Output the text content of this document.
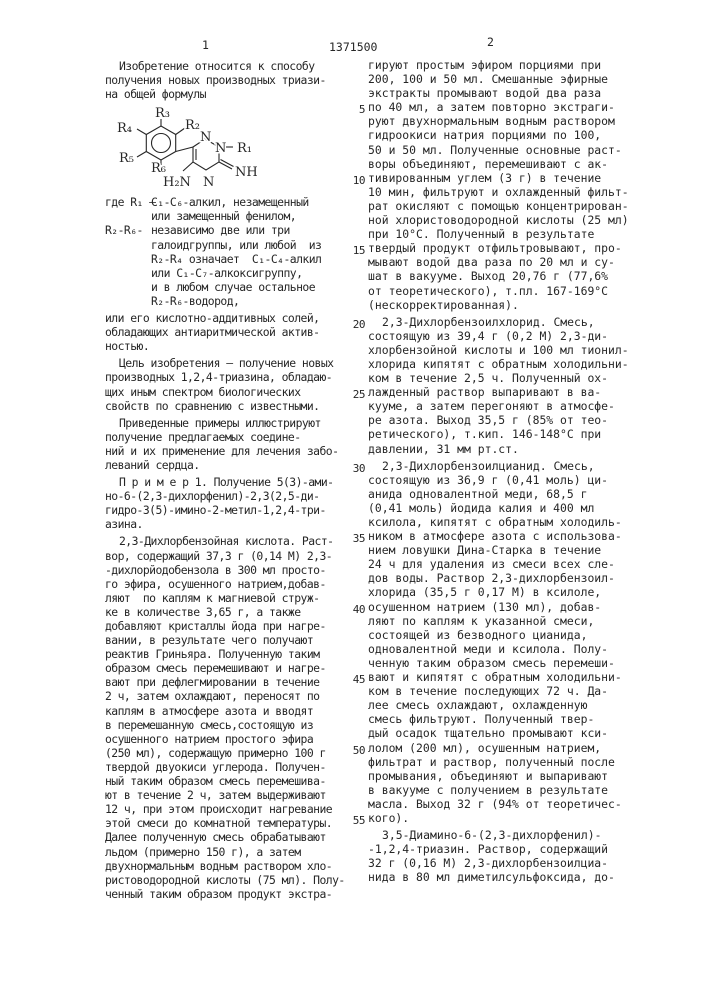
1	1371500	2
Изобретение относится к способу
получения новых производных триази-
на общей формулы
R₃
R₂
R₄
R₅
R₆
N
N R₁
NH
N
H₂N
где R₁ –
C₁-C₆-алкил, незамещенный
или замещенный фенилом,
R₂-R₆- независимо две или три
галоидгруппы, или любой  из
R₂-R₄ означает  C₁-C₄-алкил
или C₁-C₇-алкоксигруппу,
и в любом случае остальное
R₂-R₆-водород,
или его кислотно-аддитивных солей,
обладающих антиаритмической актив-
ностью.
Цель изобретения – получение новых
производных 1,2,4-триазина, обладаю-
щих иным спектром биологических
свойств по сравнению с известными.
Приведенные примеры иллюстрируют
получение предлагаемых соедине-
ний и их применение для лечения забо-
леваний сердца.
П р и м е р 1. Получение 5(3)-ами-
но-6-(2,3-дихлорфенил)-2,3(2,5-ди-
гидро-3(5)-имино-2-метил-1,2,4-три-
азина.
2,3-Дихлорбензойная кислота. Раст-
вор, содержащий 37,3 г (0,14 М) 2,3-
-дихлорйодобензола в 300 мл просто-
го эфира, осушенного натрием,добав-
ляют  по каплям к магниевой струж-
ке в количестве 3,65 г, а также
добавляют кристаллы йода при нагре-
вании, в результате чего получают
реактив Гриньяра. Полученную таким
образом смесь перемешивают и нагре-
вают при дефлегмировании в течение
2 ч, затем охлаждают, переносят по
каплям в атмосфере азота и вводят
в перемешанную смесь,состоящую из
осушенного натрием простого эфира
(250 мл), содержащую примерно 100 г
твердой двуокиси углерода. Получен-
ный таким образом смесь перемешива-
ют в течение 2 ч, затем выдерживают
12 ч, при этом происходит нагревание
этой смеси до комнатной температуры.
Далее полученную смесь обрабатывают
льдом (примерно 150 г), а затем
двухнормальным водным раствором хло-
ристоводородной кислоты (75 мл). Полу-
ченный таким образом продукт экстра-
гируют простым эфиром порциями при
200, 100 и 50 мл. Смешанные эфирные
экстракты промывают водой два раза
по 40 мл, а затем повторно экстраги-
5
руют двухнормальным водным раствором
гидроокиси натрия порциями по 100,
50 и 50 мл. Полученные основные раст-
воры объединяют, перемешивают с ак-
тивированным углем (3 г) в течение
10
10 мин, фильтруют и охлажденный фильт-
рат окисляют с помощью концентрирован-
ной хлористоводородной кислоты (25 мл)
при 10°С. Полученный в результате
твердый продукт отфильтровывают, про-
15
мывают водой два раза по 20 мл и су-
шат в вакууме. Выход 20,76 г (77,6%
от теоретического), т.пл. 167-169°С
(нескорректированная).
2,3-Дихлорбензоилхлорид. Смесь,
20
состоящую из 39,4 г (0,2 М) 2,3-ди-
хлорбензойной кислоты и 100 мл тионил-
хлорида кипятят с обратным холодильни-
ком в течение 2,5 ч. Полученный ох-
лажденный раствор выпаривают в ва-
25
кууме, а затем перегоняют в атмосфе-
ре азота. Выход 35,5 г (85% от тео-
ретического), т.кип. 146-148°С при
давлении, 31 мм рт.ст.
2,3-Дихлорбензоилцианид. Смесь,
30
состоящую из 36,9 г (0,41 моль) ци-
анида одновалентной меди, 68,5 г
(0,41 моль) йодида калия и 400 мл
ксилола, кипятят с обратным холодиль-
ником в атмосфере азота с использова-
35
нием ловушки Дина-Старка в течение
24 ч для удаления из смеси всех сле-
дов воды. Раствор 2,3-дихлорбензоил-
хлорида (35,5 г 0,17 М) в ксилоле,
осушенном натрием (130 мл), добав-
40
ляют по каплям к указанной смеси,
состоящей из безводного цианида,
одновалентной меди и ксилола. Полу-
ченную таким образом смесь перемеши-
вают и кипятят с обратным холодильни-
45
ком в течение последующих 72 ч. Да-
лее смесь охлаждают, охлажденную
смесь фильтруют. Полученный твер-
дый осадок тщательно промывают кси-
лолом (200 мл), осушенным натрием,
50
фильтрат и раствор, полученный после
промывания, объединяют и выпаривают
в вакууме с получением в результате
масла. Выход 32 г (94% от теоретичес-
кого).
55
3,5-Диамино-6-(2,3-дихлорфенил)-
-1,2,4-триазин. Раствор, содержащий
32 г (0,16 М) 2,3-дихлорбензоилциа-
нида в 80 мл диметилсульфоксида, до-
